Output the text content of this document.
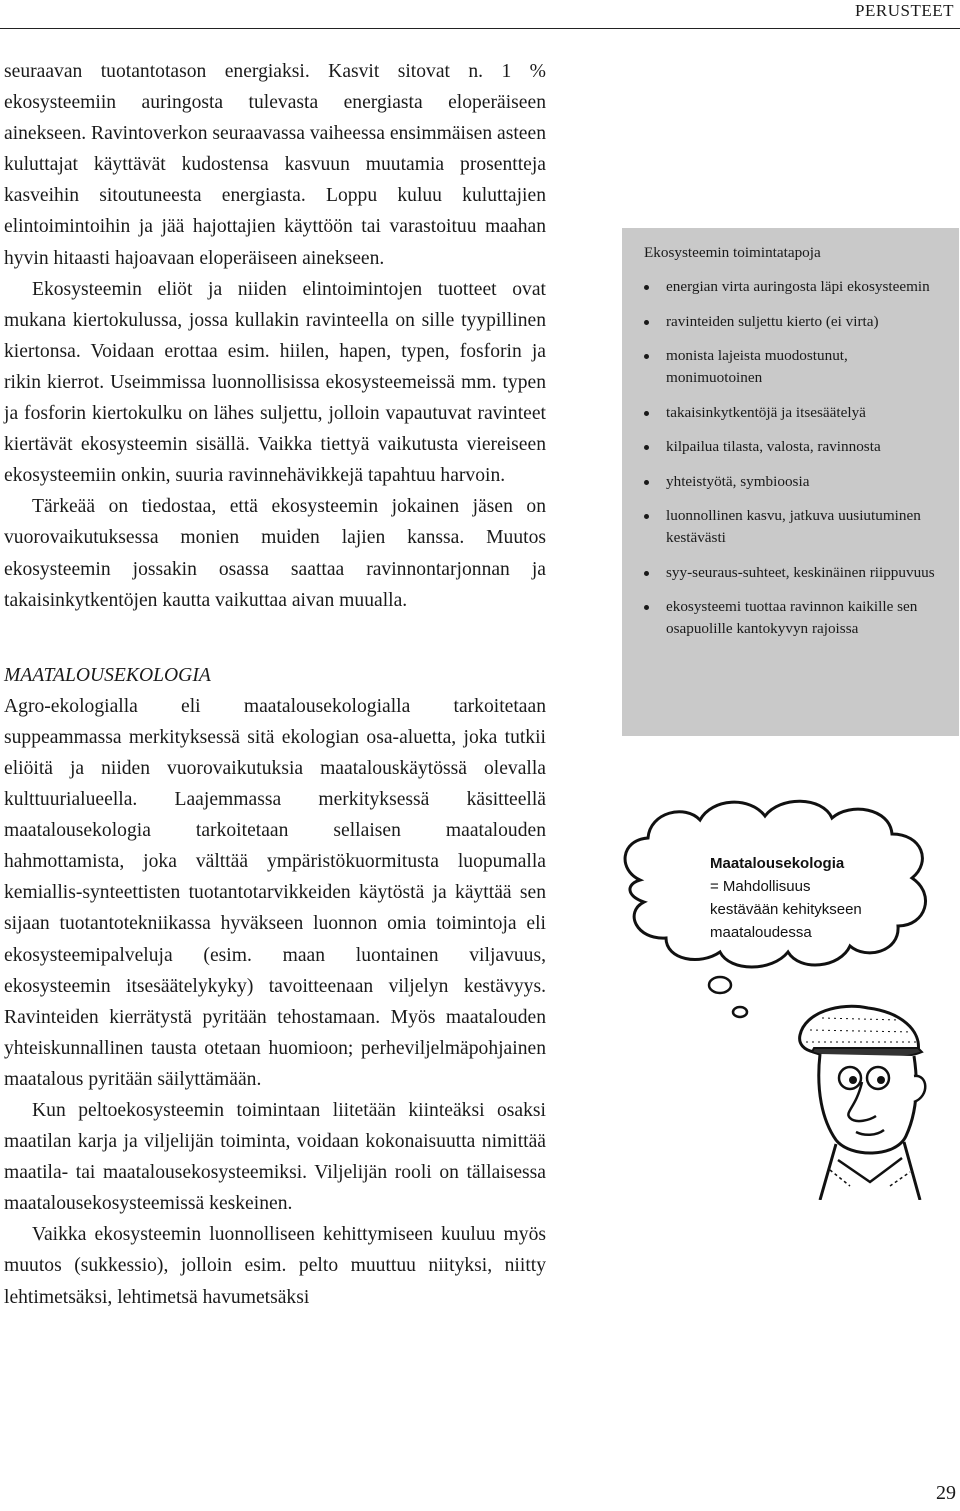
PERUSTEET

seuraavan tuotantotason energiaksi. Kasvit sitovat n. 1 % ekosysteemiin auringosta tulevasta energiasta eloperäiseen ainekseen. Ravintoverkon seuraavassa vaiheessa ensimmäisen asteen kuluttajat käyttävät kudostensa kasvuun muutamia prosentteja kasveihin sitoutuneesta energiasta. Loppu kuluu kuluttajien elintoimintoihin ja jää hajottajien käyttöön tai varastoituu maahan hyvin hitaasti hajoavaan eloperäiseen ainekseen.

Ekosysteemin eliöt ja niiden elintoimintojen tuotteet ovat mukana kiertokulussa, jossa kullakin ravinteella on sille tyypillinen kiertonsa. Voidaan erottaa esim. hiilen, hapen, typen, fosforin ja rikin kierrot. Useimmissa luonnollisissa ekosysteemeissä mm. typen ja fosforin kiertokulku on lähes suljettu, jolloin vapautuvat ravinteet kiertävät ekosysteemin sisällä. Vaikka tiettyä vaikutusta viereiseen ekosysteemiin onkin, suuria ravinnehävikkejä tapahtuu harvoin.

Tärkeää on tiedostaa, että ekosysteemin jokainen jäsen on vuorovaikutuksessa monien muiden lajien kanssa. Muutos ekosysteemin jossakin osassa saattaa ravinnontarjonnan ja takaisinkytkentöjen kautta vaikuttaa aivan muualla.

MAATALOUSEKOLOGIA

Agro-ekologialla eli maatalousekologialla tarkoitetaan suppeammassa merkityksessä sitä ekologian osa-aluetta, joka tutkii eliöitä ja niiden vuorovaikutuksia maatalouskäytössä olevalla kulttuurialueella. Laajemmassa merkityksessä käsitteellä maatalousekologia tarkoitetaan sellaisen maatalouden hahmottamista, joka välttää ympäristökuormitusta luopumalla kemiallis-synteettisten tuotantotarvikkeiden käytöstä ja käyttää sen sijaan tuotantotekniikassa hyväkseen luonnon omia toimintoja eli ekosysteemipalveluja (esim. maan luontainen viljavuus, ekosysteemin itsesäätelykyky) tavoitteenaan viljelyn kestävyys. Ravinteiden kierrätystä pyritään tehostamaan. Myös maatalouden yhteiskunnallinen tausta otetaan huomioon; perheviljelmäpohjainen maatalous pyritään säilyttämään.

Kun peltoekosysteemin toimintaan liitetään kiinteäksi osaksi maatilan karja ja viljelijän toiminta, voidaan kokonaisuutta nimittää maatila- tai maatalousekosysteemiksi. Viljelijän rooli on tällaisessa maatalousekosysteemissä keskeinen.

Vaikka ekosysteemin luonnolliseen kehittymiseen kuuluu myös muutos (sukkessio), jolloin esim. pelto muuttuu niityksi, niitty lehtimetsäksi, lehtimetsä havumetsäksi

Ekosysteemin toimintatapoja
energian virta auringosta läpi ekosysteemin
ravinteiden suljettu kierto (ei virta)
monista lajeista muodostunut, monimuotoinen
takaisinkytkentöjä ja itsesäätelyä
kilpailua tilasta, valosta, ravinnosta
yhteistyötä, symbioosia
luonnollinen kasvu, jatkuva uusiutuminen kestävästi
syy-seuraus-suhteet, keskinäinen riippuvuus
ekosysteemi tuottaa ravinnon kaikille sen osapuolille kantokyvyn rajoissa
Maatalousekologia
= Mahdollisuus
kestävään kehitykseen
maataloudessa
29
